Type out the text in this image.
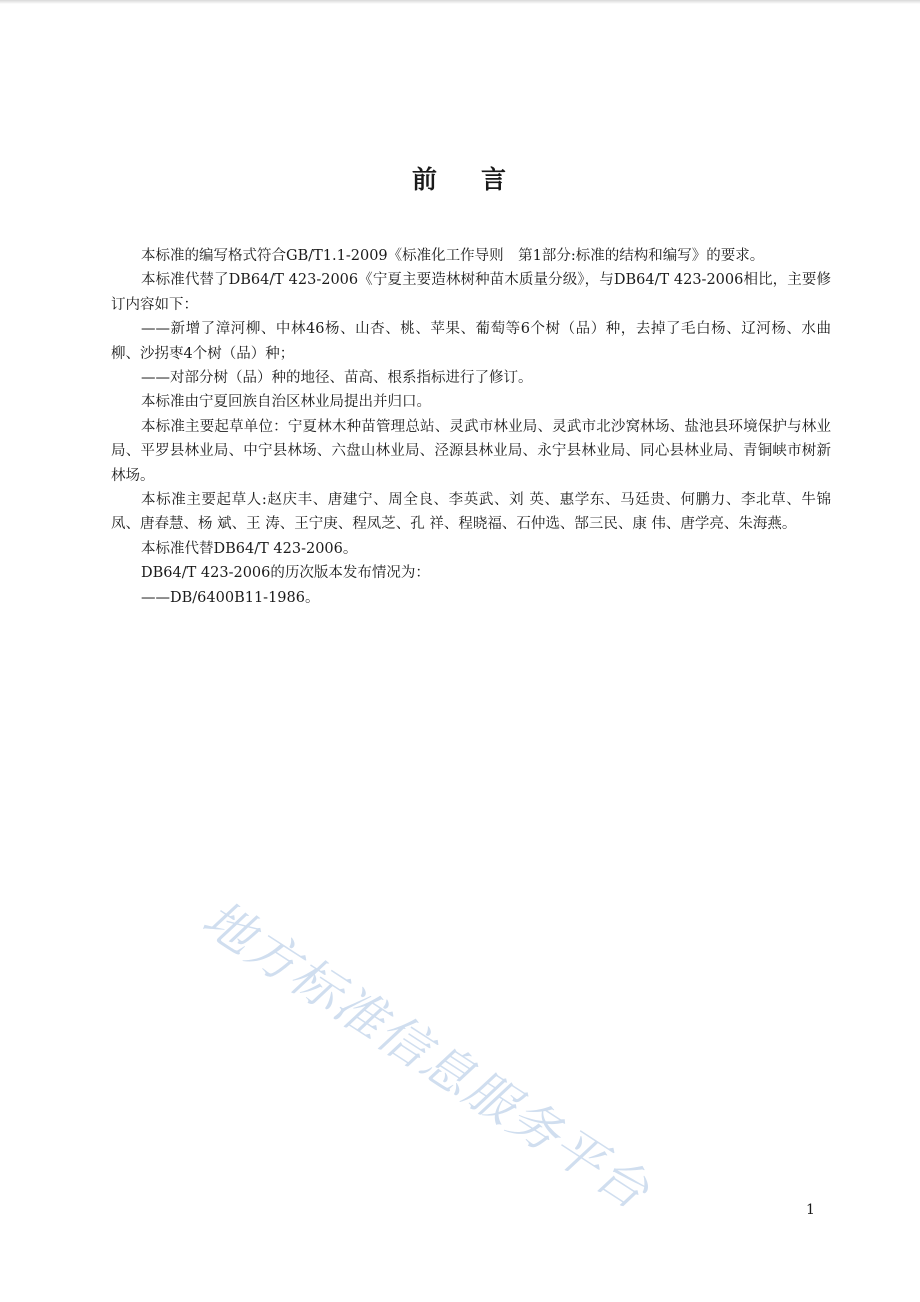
前 言

本标准的编写格式符合GB/T1.1-2009《标准化工作导则　第1部分:标准的结构和编写》的要求。

本标准代替了DB64/T 423-2006《宁夏主要造林树种苗木质量分级》，与DB64/T 423-2006相比，主要修订内容如下：

——新增了漳河柳、中林46杨、山杏、桃、苹果、葡萄等6个树（品）种，去掉了毛白杨、辽河杨、水曲柳、沙拐枣4个树（品）种；

——对部分树（品）种的地径、苗高、根系指标进行了修订。

本标准由宁夏回族自治区林业局提出并归口。

本标准主要起草单位：宁夏林木种苗管理总站、灵武市林业局、灵武市北沙窝林场、盐池县环境保护与林业局、平罗县林业局、中宁县林场、六盘山林业局、泾源县林业局、永宁县林业局、同心县林业局、青铜峡市树新林场。

本标准主要起草人:赵庆丰、唐建宁、周全良、李英武、刘 英、惠学东、马廷贵、何鹏力、李北草、牛锦凤、唐春慧、杨 斌、王 涛、王宁庚、程凤芝、孔 祥、程晓福、石仲选、郜三民、康 伟、唐学亮、朱海燕。

本标准代替DB64/T 423-2006。

DB64/T 423-2006的历次版本发布情况为：

——DB/6400B11-1986。

地方标准信息服务平台	1
